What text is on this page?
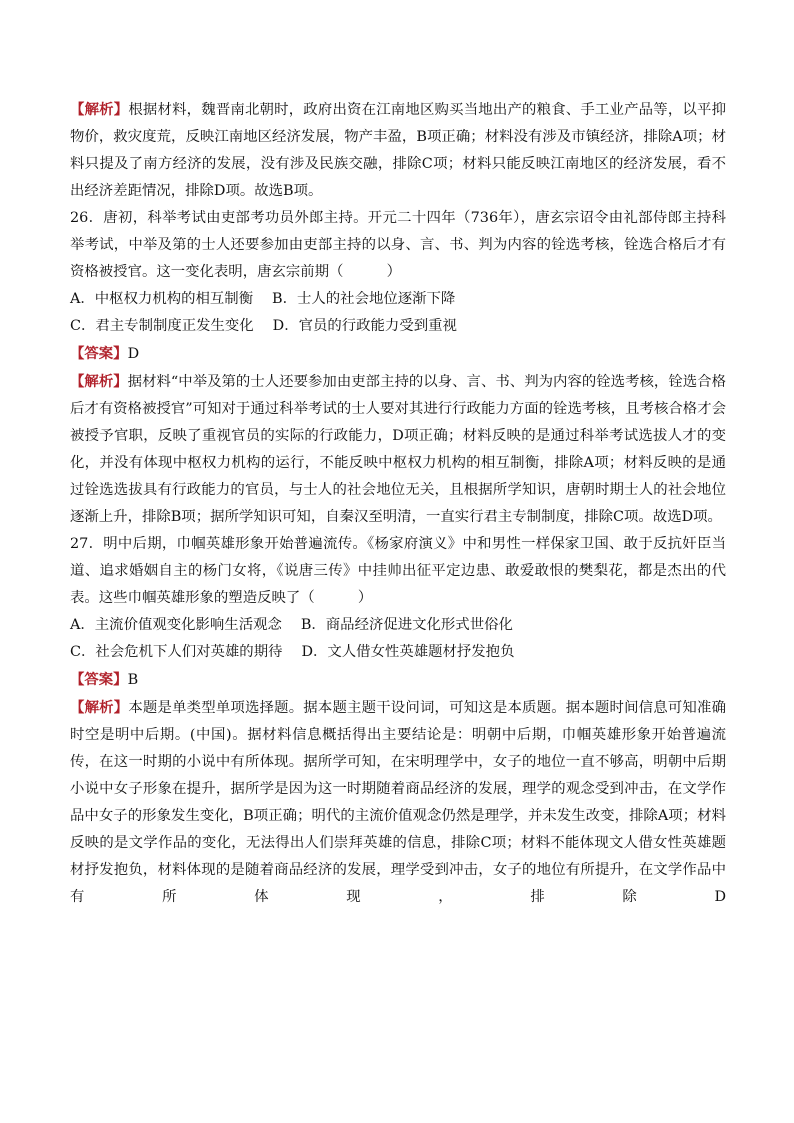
【解析】根据材料，魏晋南北朝时，政府出资在江南地区购买当地出产的粮食、手工业产品等，以平抑物价，救灾度荒，反映江南地区经济发展，物产丰盈，B项正确；材料没有涉及市镇经济，排除A项；材料只提及了南方经济的发展，没有涉及民族交融，排除C项；材料只能反映江南地区的经济发展，看不出经济差距情况，排除D项。故选B项。

26．唐初，科举考试由吏部考功员外郎主持。开元二十四年（736年），唐玄宗诏令由礼部侍郎主持科举考试，中举及第的士人还要参加由吏部主持的以身、言、书、判为内容的铨选考核，铨选合格后才有资格被授官。这一变化表明，唐玄宗前期（　　　）

A．中枢权力机构的相互制衡　 B．士人的社会地位逐渐下降

C．君主专制制度正发生变化　 D．官员的行政能力受到重视

【答案】D

【解析】据材料“中举及第的士人还要参加由吏部主持的以身、言、书、判为内容的铨选考核，铨选合格后才有资格被授官”可知对于通过科举考试的士人要对其进行行政能力方面的铨选考核，且考核合格才会被授予官职，反映了重视官员的实际的行政能力，D项正确；材料反映的是通过科举考试选拔人才的变化，并没有体现中枢权力机构的运行，不能反映中枢权力机构的相互制衡，排除A项；材料反映的是通过铨选选拔具有行政能力的官员，与士人的社会地位无关，且根据所学知识，唐朝时期士人的社会地位逐渐上升，排除B项；据所学知识可知，自秦汉至明清，一直实行君主专制制度，排除C项。故选D项。

27．明中后期，巾帼英雄形象开始普遍流传。《杨家府演义》中和男性一样保家卫国、敢于反抗奸臣当道、追求婚姻自主的杨门女将，《说唐三传》中挂帅出征平定边患、敢爱敢恨的樊梨花，都是杰出的代表。这些巾帼英雄形象的塑造反映了（　　　）

A．主流价值观变化影响生活观念　 B．商品经济促进文化形式世俗化

C．社会危机下人们对英雄的期待　 D．文人借女性英雄题材抒发抱负

【答案】B

【解析】本题是单类型单项选择题。据本题主题干设问词，可知这是本质题。据本题时间信息可知准确时空是明中后期。(中国)。据材料信息概括得出主要结论是：明朝中后期，巾帼英雄形象开始普遍流传，在这一时期的小说中有所体现。据所学可知，在宋明理学中，女子的地位一直不够高，明朝中后期小说中女子形象在提升，据所学是因为这一时期随着商品经济的发展，理学的观念受到冲击，在文学作品中女子的形象发生变化，B项正确；明代的主流价值观念仍然是理学，并未发生改变，排除A项；材料反映的是文学作品的变化，无法得出人们崇拜英雄的信息，排除C项；材料不能体现文人借女性英雄题材抒发抱负，材料体现的是随着商品经济的发展，理学受到冲击，女子的地位有所提升，在文学作品中有所体现，排除D
